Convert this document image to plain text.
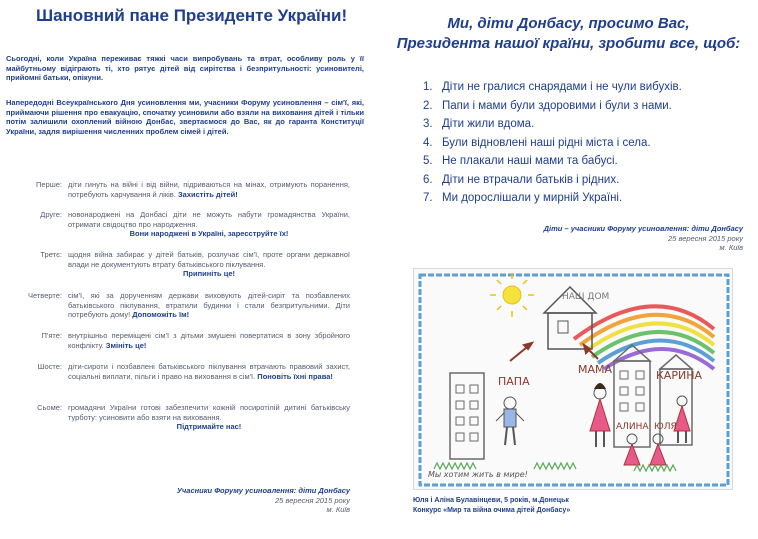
Шановний пане Президенте України!

Сьогодні, коли Україна переживає тяжкі часи випробувань та втрат, особливу роль у її майбутньому відіграють ті, хто рятує дітей від сирітства і безпритульності: усиновителі, прийомні батьки, опікуни.

Напередодні Всеукраїнського Дня усиновлення ми, учасники Форуму усиновлення – сім'ї, які, приймаючи рішення про евакуацію, спочатку усиновили або взяли на виховання дітей і тільки потім залишили охоплений війною Донбас, звертаємося до Вас, як до гаранта Конституції України, задля вирішення численних проблем сімей і дітей.

Перше: діти гинуть на війні і від війни, підриваються на мінах, отримують поранення, потребують харчування й ліків. Захистіть дітей!
Друге: новонароджені на Донбасі діти не можуть набути громадянства України, отримати свідоцтво про народження.
Вони народжені в Україні, заресструйте їх!
Третє: щодня війна забирає у дітей батьків, розлучає сім'ї, проте органи державної влади не документують втрату батьківського піклування.
Припиніть це!
Четверте: сім'ї, які за дорученням держави виховують дітей-сиріт та позбавлених батьківського піклування, втратили будинки і стали безпритульними. Діти потребують дому! Допоможіть їм!
П'яте: внутрішньо переміщені сім'ї з дітьми змушені повертатися в зону збройного конфлікту. Змініть це!
Шосте: діти-сироти і позбавлені батьківського піклування втрачають правовий захист, соціальні виплати, пільги і право на виховання в сім'ї. Поновіть їхні права!
Сьоме: громадяни України готові забезпечити кожній посиротілій дитині батьківську турботу: усиновити або взяти на виховання.
Підтримайте нас!
Учасники Форуму усиновлення: діти Донбасу
25 вересня 2015 року
м. Київ
Ми, діти Донбасу, просимо Вас,
Президента нашої країни, зробити все, щоб:
1. Діти не гралися снарядами і не чули вибухів.
2. Папи і мами були здоровими і були з нами.
3. Діти жили вдома.
4. Були відновлені наші рідні міста і села.
5. Не плакали наші мами та бабусі.
6. Діти не втрачали батьків і рідних.
7. Ми дорослішали у мирній Україні.
Діти – учасники Форуму усиновлення: діти Донбасу
25 вересня 2015 року
м. Київ
НАШ ДОМ
ПАПА
МАМА	КАРИНА
АЛИНА ЮЛЯ
Мы хотим жить в мире!
Юля і Аліна Булавінцеви, 5 років, м.Донецьк
Конкурс «Мир та війна очима дітей Донбасу»
